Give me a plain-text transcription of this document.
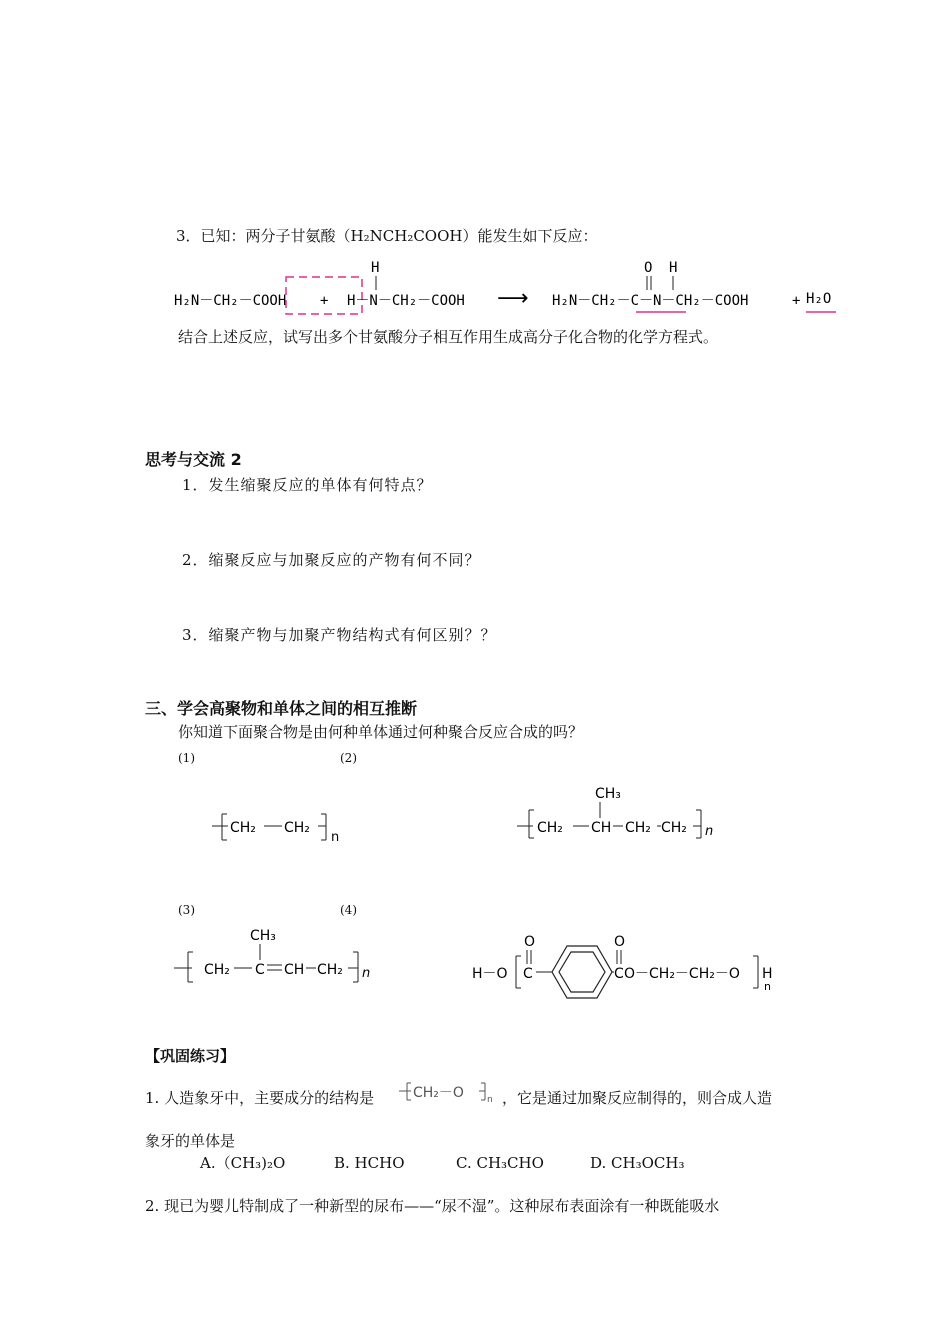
3．已知：两分子甘氨酸（H₂NCH₂COOH）能发生如下反应：
H₂N－CH₂－COOH +
H
H－N－CH₂－COOH ⟶ H₂N－CH₂－C－N－CH₂－COOH
O H
+ H₂O
结合上述反应，试写出多个甘氨酸分子相互作用生成高分子化合物的化学方程式。
思考与交流 2
1．发生缩聚反应的单体有何特点？
2．缩聚反应与加聚反应的产物有何不同？
3．缩聚产物与加聚产物结构式有何区别？？
三、学会高聚物和单体之间的相互推断
你知道下面聚合物是由何种单体通过何种聚合反应合成的吗？
(1)	(2)
CH₂ CH₂
n
CH₃
CH₂ CH CH₂ CH₂ n
(3)	(4)
CH₃
CH₂ C CH CH₂ n	H－O
O
C
O
C O－CH₂－CH₂－O H
n
【巩固练习】
1. 人造象牙中，主要成分的结构是	CH₂－O	n ，它是通过加聚反应制得的，则合成人造
象牙的单体是
A.（CH₃)₂O	B. HCHO	C. CH₃CHO	D. CH₃OCH₃
2. 现已为婴儿特制成了一种新型的尿布——“尿不湿”。这种尿布表面涂有一种既能吸水
